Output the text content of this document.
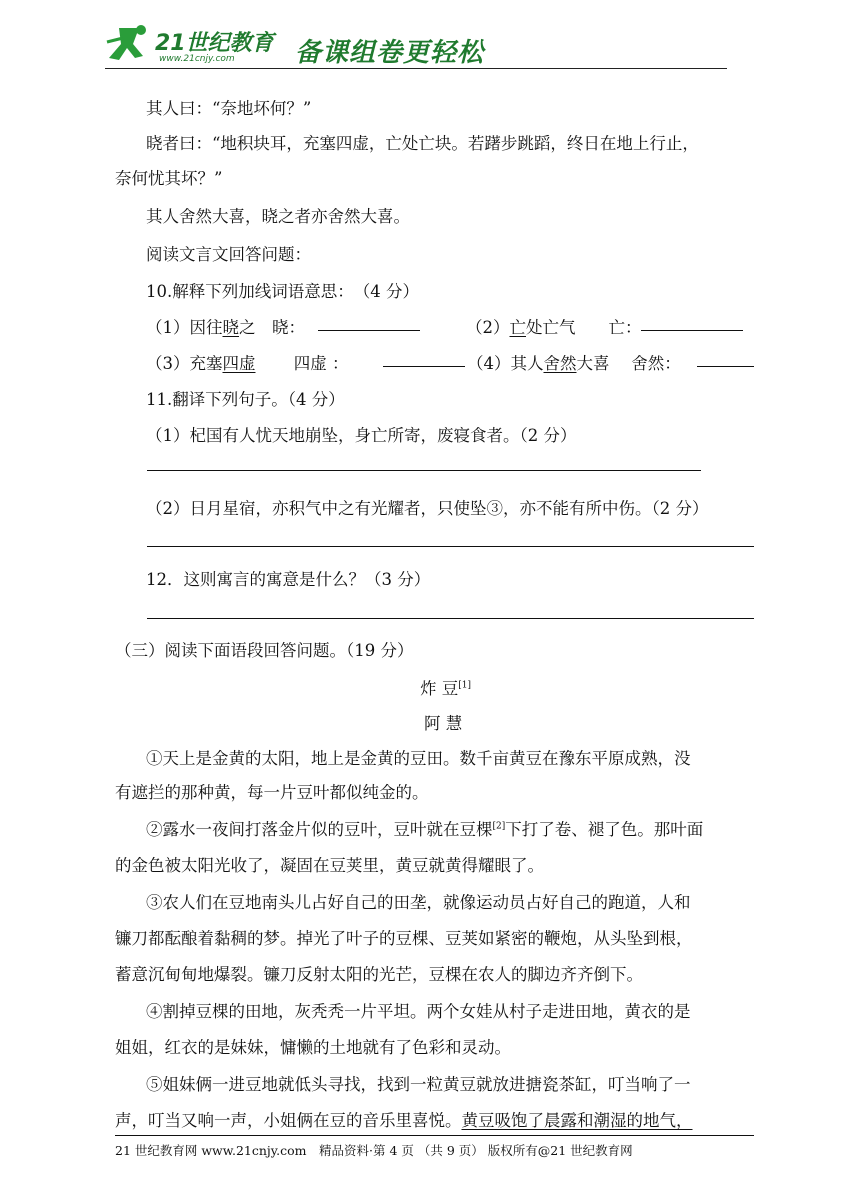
21世纪教育
www.21cnjy.com 备课组卷更轻松
其人曰：“奈地坏何？”
晓者曰：“地积块耳，充塞四虚，亡处亡块。若躇步跳蹈，终日在地上行止，
奈何忧其坏？”
其人舍然大喜，晓之者亦舍然大喜。
阅读文言文回答问题：
10.解释下列加线词语意思：　（4 分）
（1）因往晓之　晓：	（2）亡处亡气　　亡：
（3）充塞四虚　　 四虚 ：	（4）其人舍然大喜　 舍然：
11.翻译下列句子。（4 分）
（1）杞国有人忧天地崩坠，身亡所寄，废寝食者。（2 分）
（2）日月星宿，亦积气中之有光耀者，只使坠③，亦不能有所中伤。（2 分）
12．这则寓言的寓意是什么？（3 分）
（三）阅读下面语段回答问题。（19 分）
炸 豆[1]
阿 慧
①天上是金黄的太阳，地上是金黄的豆田。数千亩黄豆在豫东平原成熟，没
有遮拦的那种黄，每一片豆叶都似纯金的。
②露水一夜间打落金片似的豆叶，豆叶就在豆棵[2]下打了卷、褪了色。那叶面
的金色被太阳光收了，凝固在豆荚里，黄豆就黄得耀眼了。
③农人们在豆地南头儿占好自己的田垄，就像运动员占好自己的跑道，人和
镰刀都酝酿着黏稠的梦。掉光了叶子的豆棵、豆荚如紧密的鞭炮，从头坠到根，
蓄意沉甸甸地爆裂。镰刀反射太阳的光芒，豆棵在农人的脚边齐齐倒下。
④割掉豆棵的田地，灰秃秃一片平坦。两个女娃从村子走进田地，黄衣的是
姐姐，红衣的是妹妹，慵懒的土地就有了色彩和灵动。
⑤姐妹俩一进豆地就低头寻找，找到一粒黄豆就放进搪瓷茶缸，叮当响了一
声，叮当又响一声，小姐俩在豆的音乐里喜悦。黄豆吸饱了晨露和潮湿的地气，
21 世纪教育网 www.21cnjy.com　精品资料·第 4 页 （共 9 页） 版权所有@21 世纪教育网
